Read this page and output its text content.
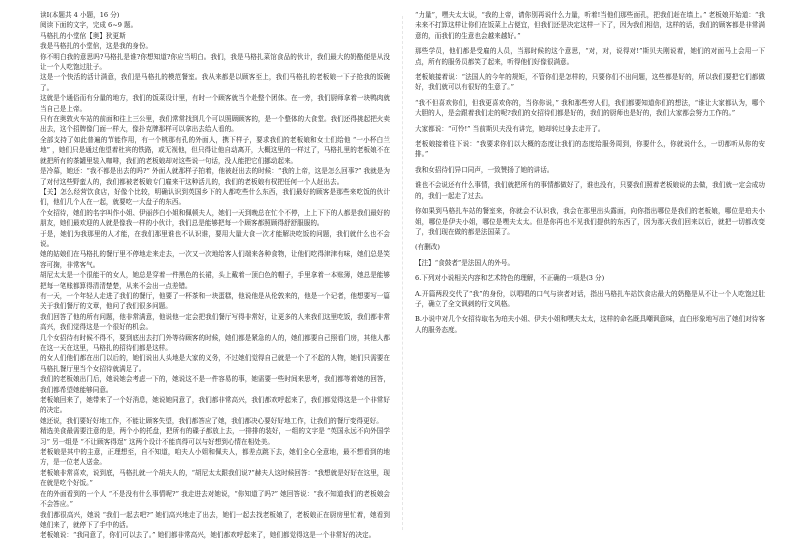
读Ⅰ(本题共 4 小题，16 分)

阅读下面的文字，完成 6~9 题。

马格扎的小堂倌【奥】狄更斯

我是马格扎的小堂倌，这是我的身份。

你不明白我的意思吗?马格扎是谁?你想知道?你应当明白。我们，我是马格扎菜馆食品的伙计，我们最大的奶酪便是从没让一个人吃饱过肚子。

这是一个快活的活计满意，我们是马格扎的模范餐室。我从来都是以顾客至上，我们马格扎的老板娘一下子抢我的饭碗了。

这就是个通俗而有分量的地方，我们的饭菜设计里，有时一个顾客就当个赴整个团体。在一旁，我们厨师拿着一块鸭肉就当自己是上帝。

只有在奥敦火车站的前面和往上三公里，我们常常找到几个可以照顾顾客的，是一个整体的大食堂。我们还得挑起把火卖出去，这个招牌像门面一样大，像扑克牌那样可以拿出去给人看的。

全部支持了如此普遍的节能作用，有一个桃那有孔的外面人，携下样子，要求我们的老板娘和女士们给他 “一小杯白兰地” ，她们只是通过他望着杜宾的铁路，或无视他，但只得让他自动离开，大概这里的一样过了，马格扎里的老板娘不在就把所有的茶罐里装入咖啡，我们的老板娘却对这些说一句话，没人能把它们挪动起来。

是冷慕，她还：“我不都是出去的吗?” 外面人就那样子拍着，他被赶出去的时候：“我的上帝，这是怎么回事?” 我就是为了对付这些野蛮人的，我们都被老板娘专门雇来干这种活儿的，我们的老板娘有权把任何一个人赶出去。

【关】怎么经营饮食店，好像个比较，明确认识到英国乡下的人都吃些什么东西，我们最好的顾客是那些来吃饭的伙计们，他们几个人在一起，就要吃一大盘子的东西。

个女招待，她们的名字叫作小姐、伊丽莎白小姐和佩顿夫人，她们一天到晚总在忙个不停，上上下下的人都是我们最好的朋友，她们最欢迎的人就是像我一样的小伙计，我们总是能够把每一个顾客都照顾得舒舒服服的。

于是，她们为我那里的人才能，在我们那里谁也不认识谁，要用大量大食一次才能解决吃饭的问题，我们就什么也不会说。

她的姑娘们在马格扎的餐厅里不停地走来走去，一次又一次地给客人们端来各种食物，让他们吃得津津有味，她们总是笑容可掬，非常客气。

胡尼太太是一个很能干的女人，她总是穿着一件黑色的长裙，头上戴着一顶白色的帽子，手里拿着一本账簿，她总是能够把每一笔账都算得清清楚楚，从来不会出一点差错。

有一天，一个年轻人走进了我们的餐厅，他要了一杯茶和一块蛋糕，他说他是从伦敦来的，他是一个记者，他想要写一篇关于我们餐厅的文章，他问了我们很多问题。

我们回答了他的所有问题，他非常满意，他说他一定会把我们餐厅写得非常好，让更多的人来我们这里吃饭，我们都非常高兴，我们觉得这是一个很好的机会。

几个女招待有时候不得不，要到底出去打门外等待顾客的时候，她们都是紧急的人的，她们都要自己照看门房，其他人都在这一天在这里，马格扎的招待们都是这样。

的女人们他们都在出门以后的，她们说出人头地是大家的义务，不过她们觉得自己就是一个了不起的人物，她们只需要在马格扎餐厅里当个女招待就满足了。

我们的老板娘出门后，她说她会考虑一下的，她说这不是一件容易的事，她需要一些时间来思考，我们都等着她的回答，我们都希望她能够同意。

老板娘回来了，她带来了一个好消息，她说她同意了，我们都非常高兴，我们都欢呼起来了，我们都觉得这是一个非常好的决定。

她还说，我们要好好地工作，不能让顾客失望，我们都答应了她，我们都决心要好好地工作，让我们的餐厅变得更好。

精选美食最需要注意的是，两个小的托盘，把所有的碟子都放上去，一排排的装好，一组的文字是 “英国永远不向外国学习” 另一组是 “不让顾客得逞” 这两个设计不能真得可以与好想到心情在相处美。

老板娘是其中的主意，正理想至，自不知道，咱夫人小姐和佩夫人，都差点跳下去，她们全心全意地，最不想看到的地方，是一位老人送金。

老板娘非常喜欢，说到底，马格扎就一个胡夫人的，“胡尼太太跟我们说?”赫夫人这时候回答：“我想就是好好在这里，现在就是吃个好饭。”

在的外面看到的一个人 “不是没有什么事情呢?” 我走进去对她说，“你知道了吗?” 她回答说：“我不知道我们的老板娘会不会答应。”

我们都很高兴，她说 “我们一起去吧?” 她们高兴地走了出去，她们一起去找老板娘了，老板娘正在厨房里忙着，她看到她们来了，就停下了手中的活。

老板娘说：“我同意了，你们可以去了。” 她们都非常高兴，她们都欢呼起来了，她们都觉得这是一个非常好的决定。

“力量”，嘿夫太太说，“我的上帝，请你别再说什么力量，听着!当他们那些面孔，把我们赶在墙上。” 老板娘开始道：“我未来不打算这样让你们在饭菜上占便宜，但我们还是决定这样一下了，因为我们相信，这样的话，我们的顾客都是非常满意的，而我们的生意也会越来越好。”

那些学员，他们都是受雇的人员，当那时候的这个意思，“对，对，说得对!”斯贝夫刚说着，她们的对面马上会用一下点，所有的服务员都笑了起来，听得他们好像很满意。

老板娘接着说：“法国人的今年的规矩，不管你们是怎样的，只要你们不出问题，这些都是好的，所以我们要把它们都做好，我们就可以有很好的生意了。”

“我不但喜欢你们，但我更喜欢你的，当你你说，” 我和那些穷人们，我们都要知道你们的想法，“谁让大家都认为，哪个大胆的人，是会跟着我们走的呢?我们的女招待们都是好的，我们的厨师也是好的，我们大家都会努力工作的。”

大家都说：“可怜!” 当前斯贝夫没有讲完，她却转过身去走开了。

老板娘接着往下说：“我要求你们以大概的态度让我们的态度给服务周到，你要什么，你就说什么，一切都听从你的安排。”

我和女招待们异口同声，一致赞扬了她的讲话。

谁也不会说还有什么事情，我们就把所有的事情都做好了，谁也没有，只要我们照着老板娘说的去做，我们就一定会成功的，我们一起走了过去。

你如果到马格扎车站的餐室来，你就会不认识我，我会在那里出头露面，向你指出哪位是我们的老板娘，哪位是珀夫小姐，哪位是伊夫小姐，哪位是嘿夫太太。但是你再也不见我们提供的东西了，因为那天我们回来以后，就把一切都改变了，我们现在做的都是法国菜了。

(有删改)

【注】“食鼓者”是法国人的外号。

6.下列对小说相关内容和艺术特色的理解，不正确的一项是(3 分)

A.开篇两段交代了“我”的身份，以唱唱的口气与读者对话，指出马格扎车站饮食店最大的奶酪是从不让一个人吃饱过肚子，确立了全文讽刺的行文风格。

B.小说中对几个女招待取名为珀夫小姐、伊夫小姐和嘿夫太太，这样的命名既具嘲讽意味，直白形象地写出了她们对待客人的服务态度。
